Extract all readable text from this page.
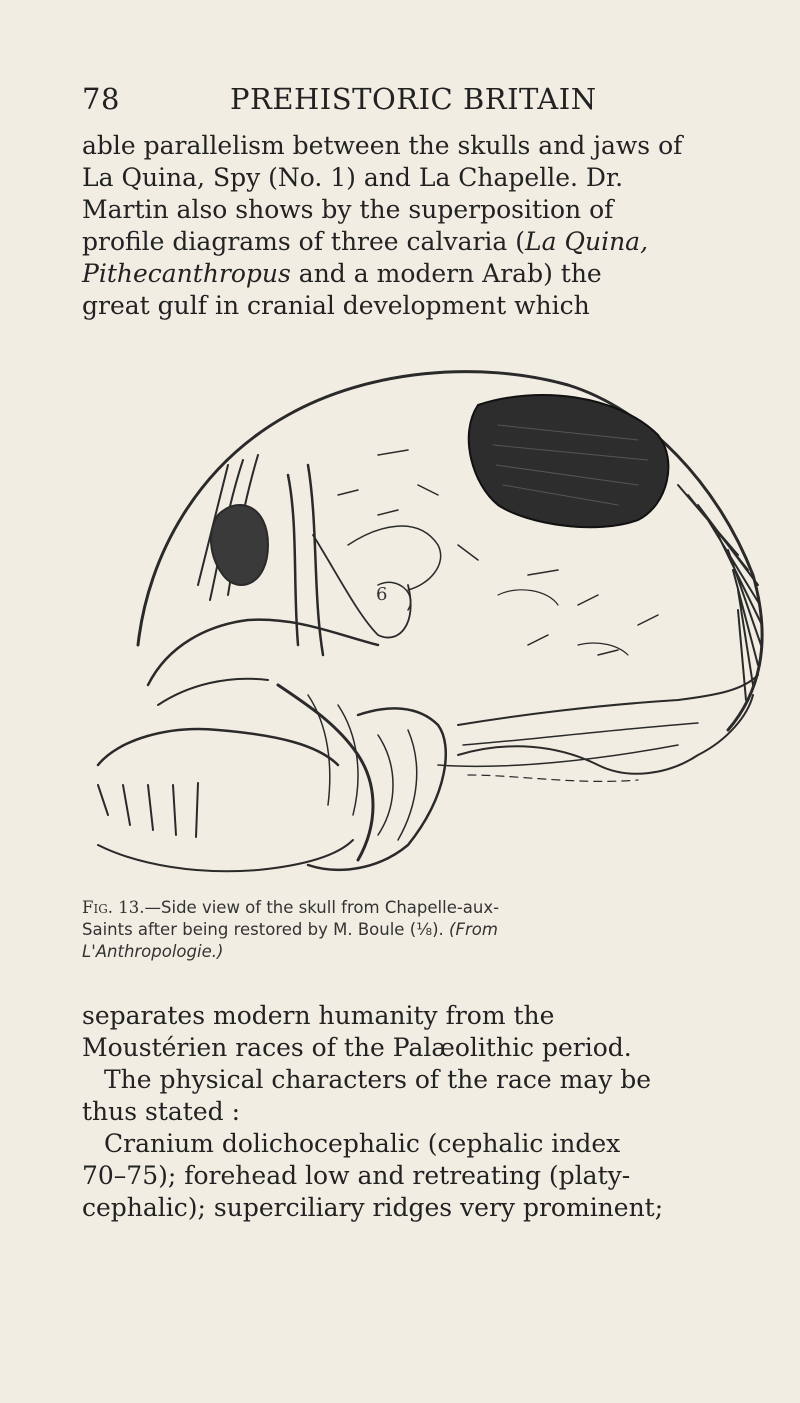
78	PREHISTORIC BRITAIN

able parallelism between the skulls and jaws of
La Quina, Spy (No. 1) and La Chapelle. Dr.
Martin also shows by the superposition of
profile diagrams of three calvaria (La Quina,
Pithecanthropus and a modern Arab) the
great gulf in cranial development which

6
Fig. 13.—Side view of the skull from Chapelle-aux-
Saints after being restored by M. Boule (⅛). (From
L'Anthropologie.)

separates modern humanity from the
Moustérien races of the Palæolithic period.

The physical characters of the race may be
thus stated :

Cranium dolichocephalic (cephalic index
70–75); forehead low and retreating (platy-
cephalic); superciliary ridges very prominent;
